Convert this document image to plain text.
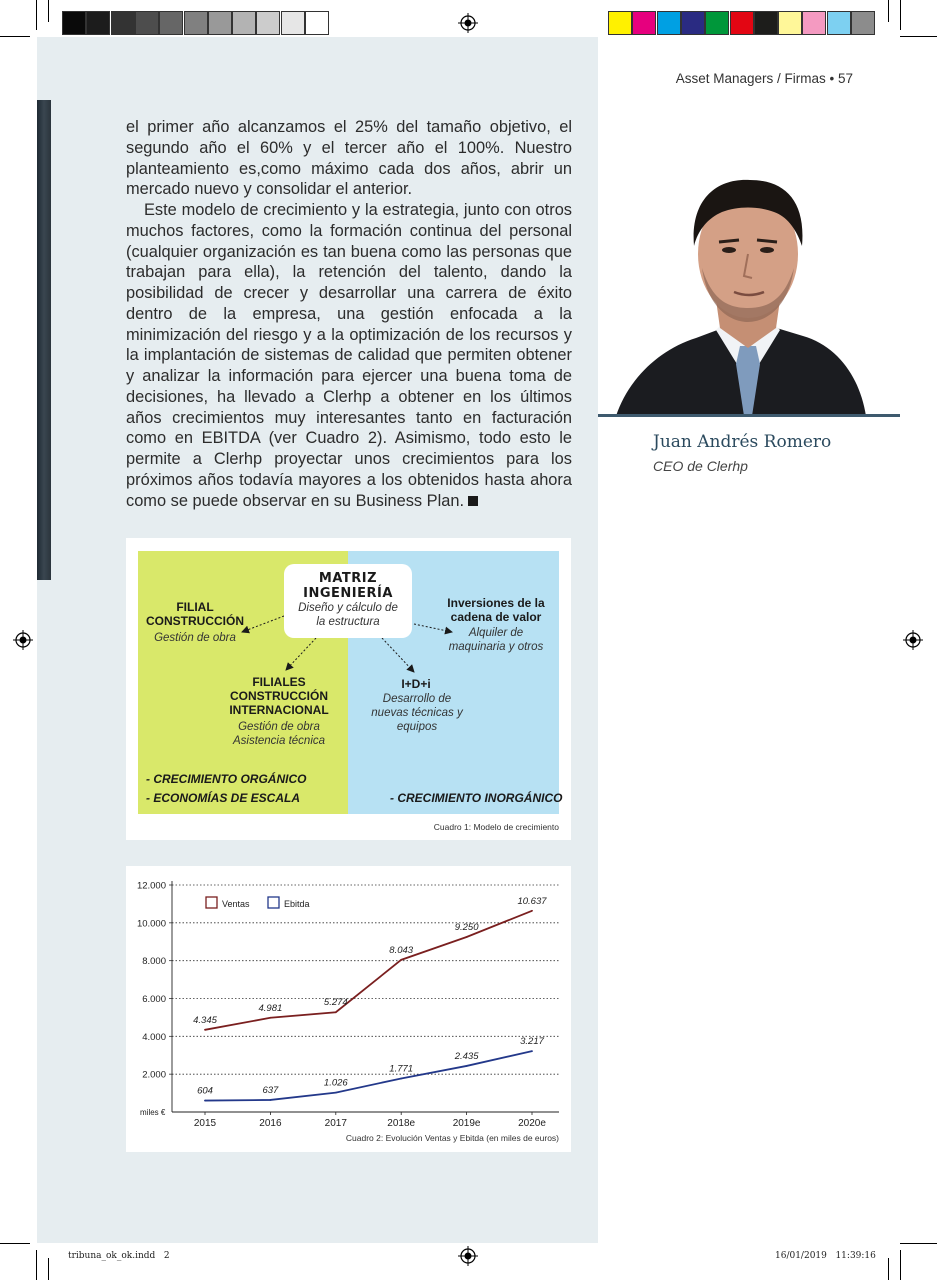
Asset Managers / Firmas • 57

el primer año alcanzamos el 25% del tamaño objetivo, el segundo año el 60% y el tercer año el 100%. Nuestro planteamiento es,como máximo cada dos años, abrir un mercado nuevo y consolidar el anterior.

Este modelo de crecimiento y la estrategia, junto con otros muchos factores, como la formación continua del personal (cualquier organización es tan buena como las personas que trabajan para ella), la retención del talento, dando la posibilidad de crecer y desarrollar una carrera de éxito dentro de la empresa, una gestión enfocada a la minimización del riesgo y a la optimización de los recursos y la implantación de sistemas de calidad que permiten obtener y analizar la información para ejercer una buena toma de decisiones, ha llevado a Clerhp a obtener en los últimos años crecimientos muy interesantes tanto en facturación como en EBITDA (ver Cuadro 2). Asimismo, todo esto le permite a Clerhp proyectar unos crecimientos para los próximos años todavía mayores a los obtenidos hasta ahora como se puede observar en su Business Plan.

Juan Andrés Romero
CEO de Clerhp
MATRIZ
INGENIERÍA
Diseño y cálculo de la estructura
FILIAL CONSTRUCCIÓN
Gestión de obra
FILIALES CONSTRUCCIÓN INTERNACIONAL
Gestión de obra Asistencia técnica
Inversiones de la cadena de valor
Alquiler de maquinaria y otros
I+D+i
Desarrollo de nuevas técnicas y equipos
- CRECIMIENTO ORGÁNICO
- ECONOMÍAS DE ESCALA	- CRECIMIENTO INORGÁNICO
Cuadro 1: Modelo de crecimiento
2.000
4.000
6.000
8.000
10.000
12.000
miles €
2015	2016	2017	2018e	2019e	2020e
4.345
4.981
5.274
8.043
9.250
10.637
604	637
1.026
1.771
2.435
3.217
Ventas	Ebitda
Cuadro 2: Evolución Ventas y Ebitda (en miles de euros)
tribuna_ok_ok.indd   2	16/01/2019   11:39:16
